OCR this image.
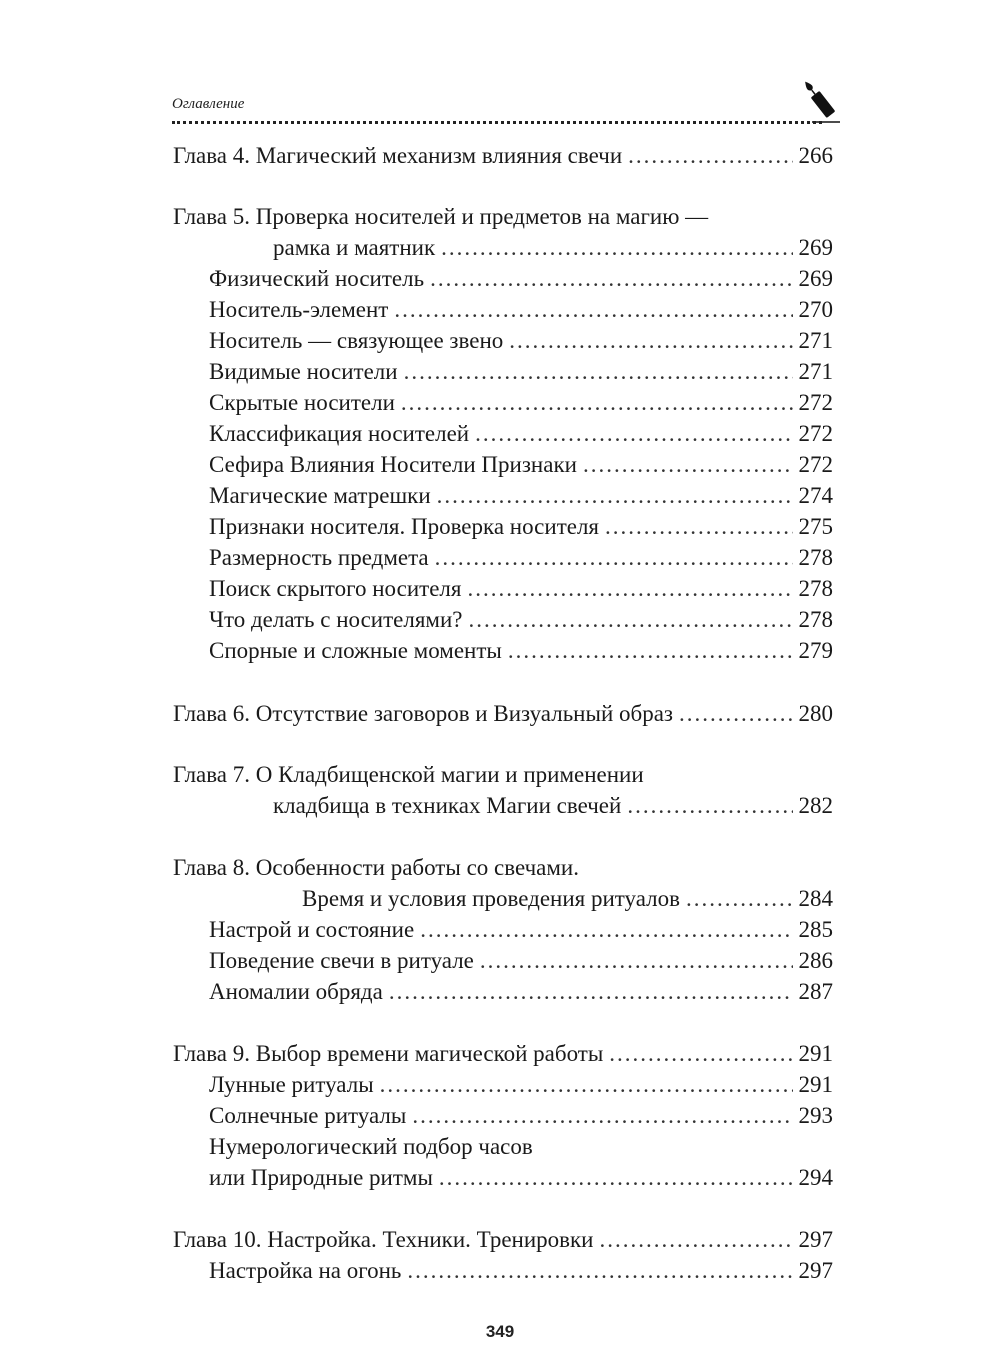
Оглавление
Глава 4. Магический механизм влияния свечи .....	266
Глава 5. Проверка носителей и предметов на магию —
рамка и маятник .....	269
Физический носитель .....	269
Носитель-элемент .....	270
Носитель — связующее звено .....	271
Видимые носители .....	271
Скрытые носители .....	272
Классификация носителей .....	272
Сефира Влияния Носители Признаки .....	272
Магические матрешки .....	274
Признаки носителя. Проверка носителя .....	275
Размерность предмета .....	278
Поиск скрытого носителя .....	278
Что делать с носителями? .....	278
Спорные и сложные моменты .....	279
Глава 6. Отсутствие заговоров и Визуальный образ .....	280
Глава 7. О Кладбищенской магии и применении
кладбища в техниках Магии свечей .....	282
Глава 8. Особенности работы со свечами.
Время и условия проведения ритуалов .....	284
Настрой и состояние .....	285
Поведение свечи в ритуале .....	286
Аномалии обряда .....	287
Глава 9. Выбор времени магической работы .....	291
Лунные ритуалы .....	291
Солнечные ритуалы .....	293
Нумерологический подбор часов
или Природные ритмы .....	294
Глава 10. Настройка. Техники. Тренировки .....	297
Настройка на огонь .....	297
349
